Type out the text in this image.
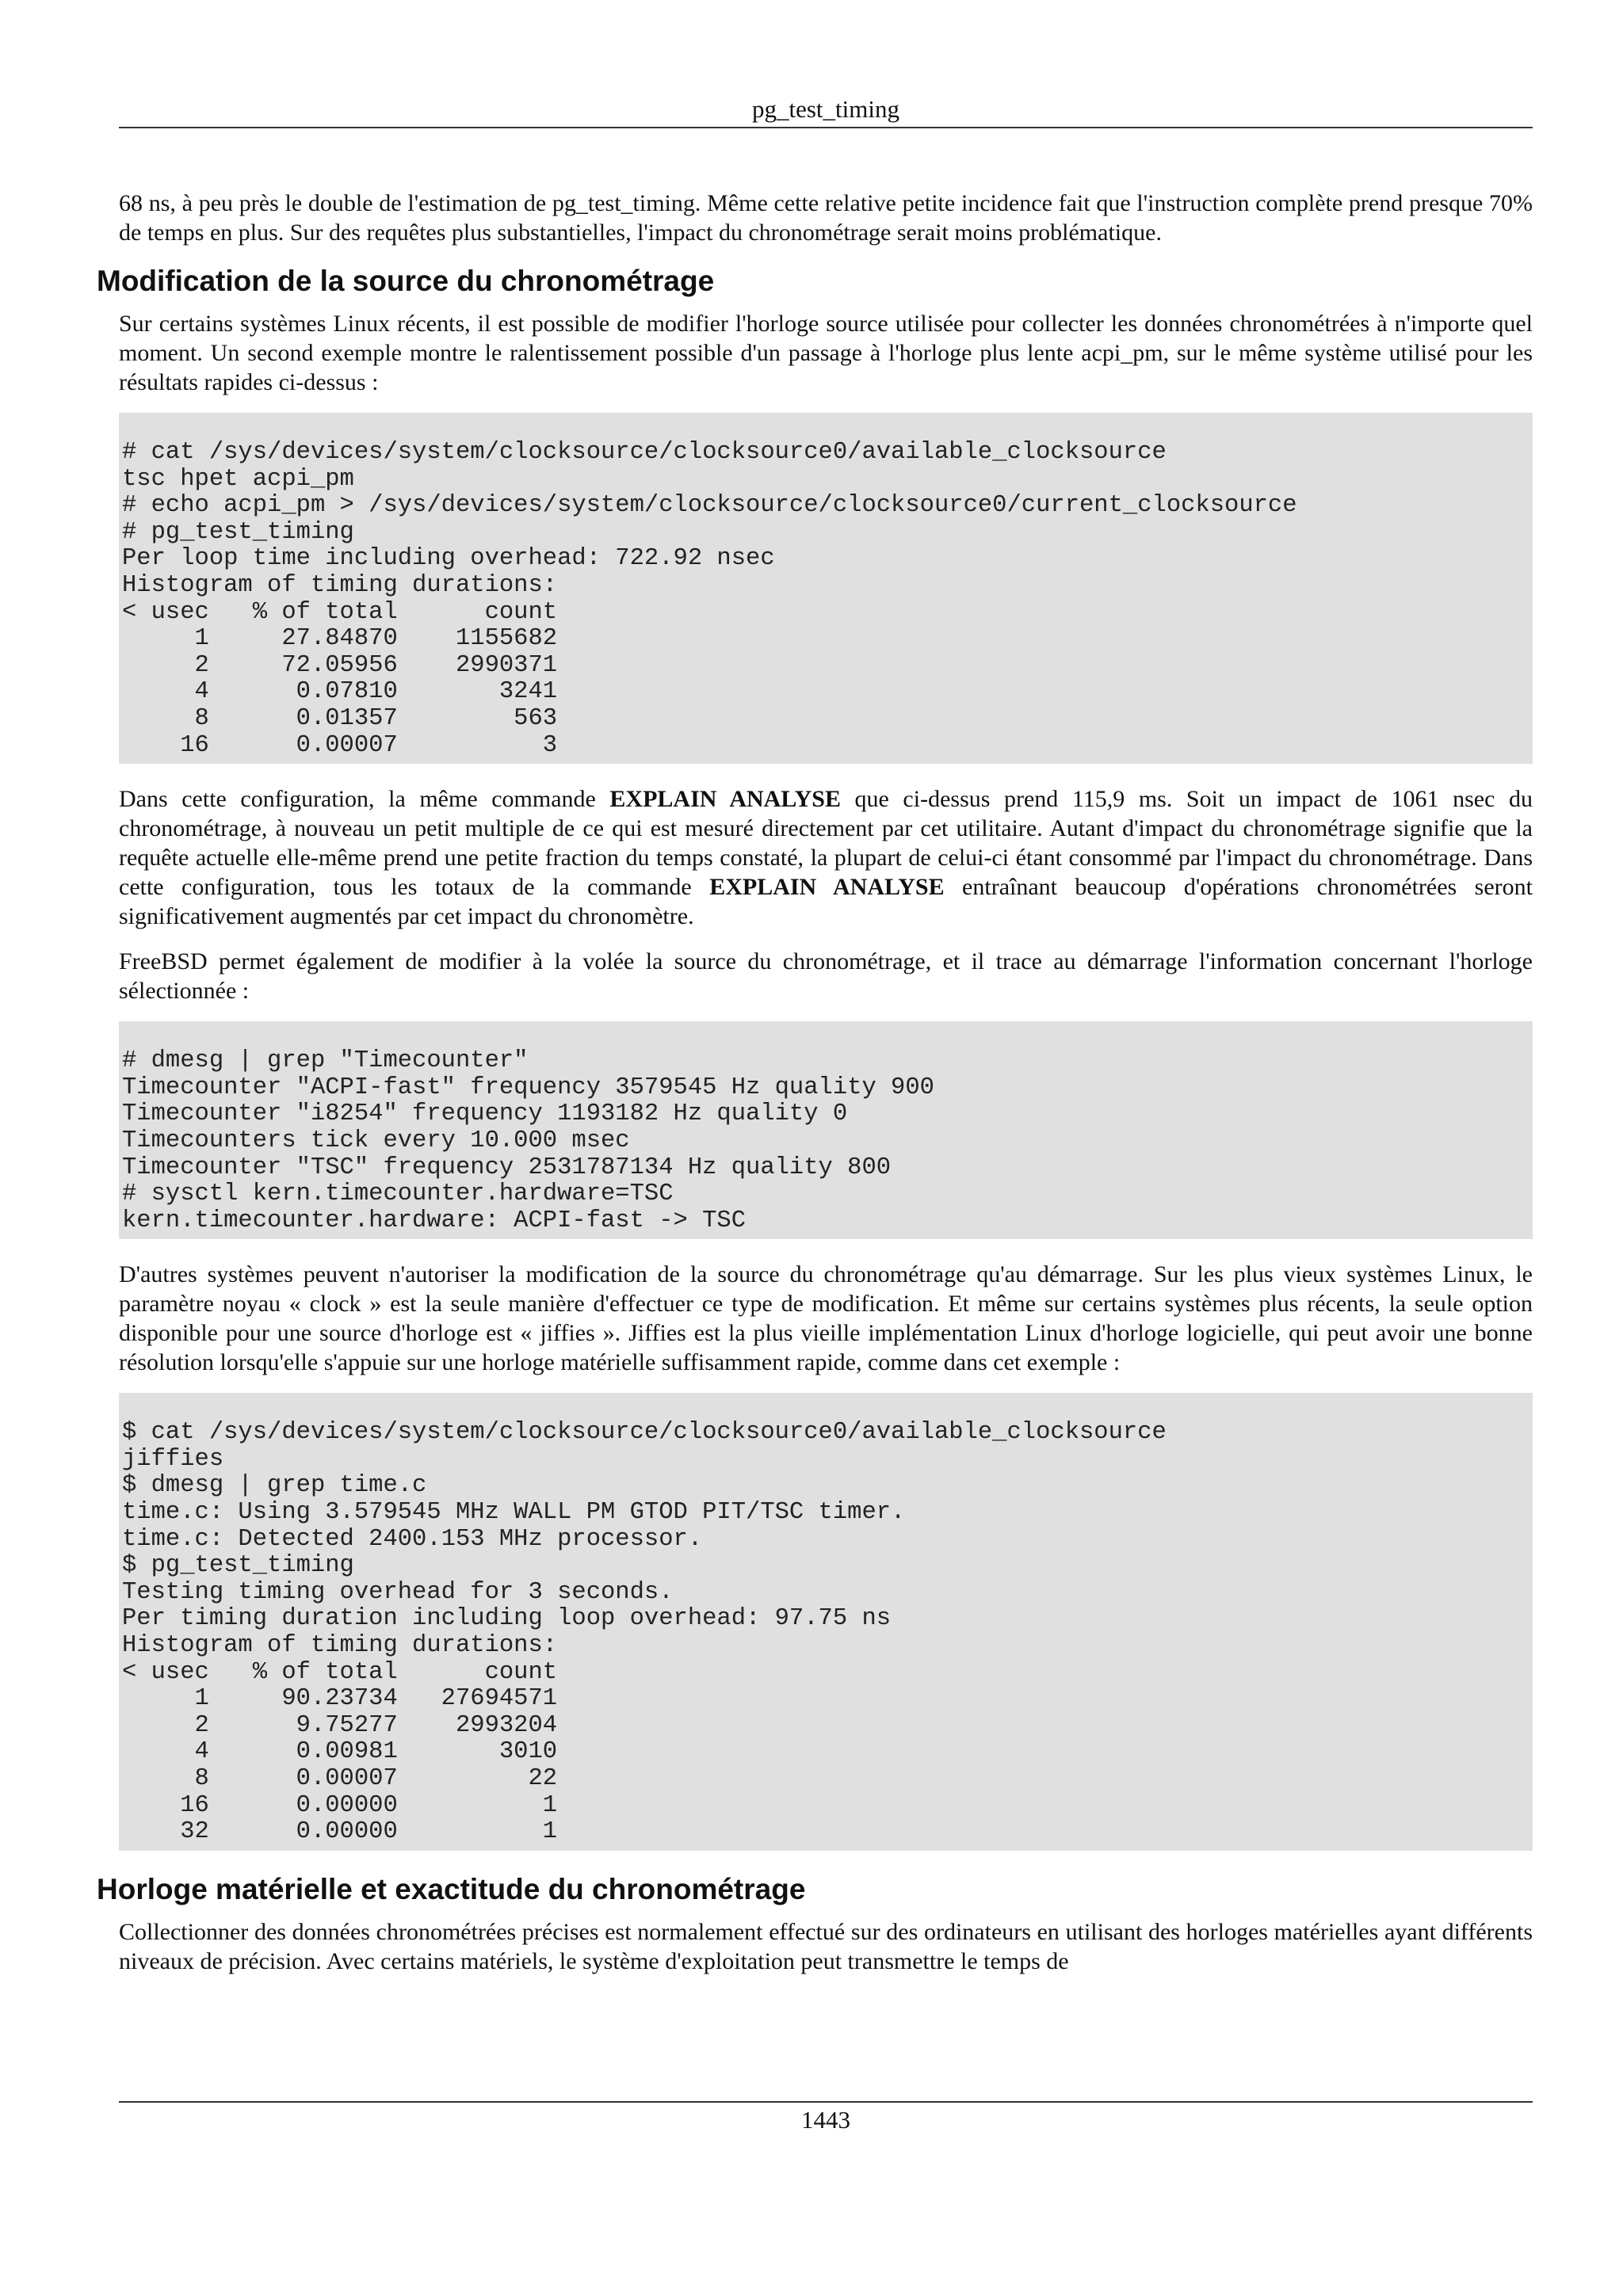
pg_test_timing

68 ns, à peu près le double de l'estimation de pg_test_timing. Même cette relative petite incidence fait que l'instruction complète prend presque 70% de temps en plus. Sur des requêtes plus substantielles, l'impact du chronométrage serait moins problématique.

Modification de la source du chronométrage

Sur certains systèmes Linux récents, il est possible de modifier l'horloge source utilisée pour collecter les données chronométrées à n'importe quel moment. Un second exemple montre le ralentissement possible d'un passage à l'horloge plus lente acpi_pm, sur le même système utilisé pour les résultats rapides ci-dessus :

# cat /sys/devices/system/clocksource/clocksource0/available_clocksource
tsc hpet acpi_pm
# echo acpi_pm > /sys/devices/system/clocksource/clocksource0/current_clocksource
# pg_test_timing
Per loop time including overhead: 722.92 nsec
Histogram of timing durations:
< usec   % of total      count
1     27.84870    1155682
2     72.05956    2990371
4      0.07810       3241
8      0.01357        563
16      0.00007          3

Dans cette configuration, la même commande EXPLAIN ANALYSE que ci-dessus prend 115,9 ms. Soit un impact de 1061 nsec du chronométrage, à nouveau un petit multiple de ce qui est mesuré directement par cet utilitaire. Autant d'impact du chronométrage signifie que la requête actuelle elle-même prend une petite fraction du temps constaté, la plupart de celui-ci étant consommé par l'impact du chronométrage. Dans cette configuration, tous les totaux de la commande EXPLAIN ANALYSE entraînant beaucoup d'opérations chronométrées seront significativement augmentés par cet impact du chronomètre.

FreeBSD permet également de modifier à la volée la source du chronométrage, et il trace au démarrage l'information concernant l'horloge sélectionnée :

# dmesg | grep "Timecounter"
Timecounter "ACPI-fast" frequency 3579545 Hz quality 900
Timecounter "i8254" frequency 1193182 Hz quality 0
Timecounters tick every 10.000 msec
Timecounter "TSC" frequency 2531787134 Hz quality 800
# sysctl kern.timecounter.hardware=TSC
kern.timecounter.hardware: ACPI-fast -> TSC

D'autres systèmes peuvent n'autoriser la modification de la source du chronométrage qu'au démarrage. Sur les plus vieux systèmes Linux, le paramètre noyau « clock » est la seule manière d'effectuer ce type de modification. Et même sur certains systèmes plus récents, la seule option disponible pour une source d'horloge est « jiffies ». Jiffies est la plus vieille implémentation Linux d'horloge logicielle, qui peut avoir une bonne résolution lorsqu'elle s'appuie sur une horloge matérielle suffisamment rapide, comme dans cet exemple :

$ cat /sys/devices/system/clocksource/clocksource0/available_clocksource
jiffies
$ dmesg | grep time.c
time.c: Using 3.579545 MHz WALL PM GTOD PIT/TSC timer.
time.c: Detected 2400.153 MHz processor.
$ pg_test_timing
Testing timing overhead for 3 seconds.
Per timing duration including loop overhead: 97.75 ns
Histogram of timing durations:
< usec   % of total      count
1     90.23734   27694571
2      9.75277    2993204
4      0.00981       3010
8      0.00007         22
16      0.00000          1
32      0.00000          1
Horloge matérielle et exactitude du chronométrage

Collectionner des données chronométrées précises est normalement effectué sur des ordinateurs en utilisant des horloges matérielles ayant différents niveaux de précision. Avec certains matériels, le système d'exploitation peut transmettre le temps de

1443
